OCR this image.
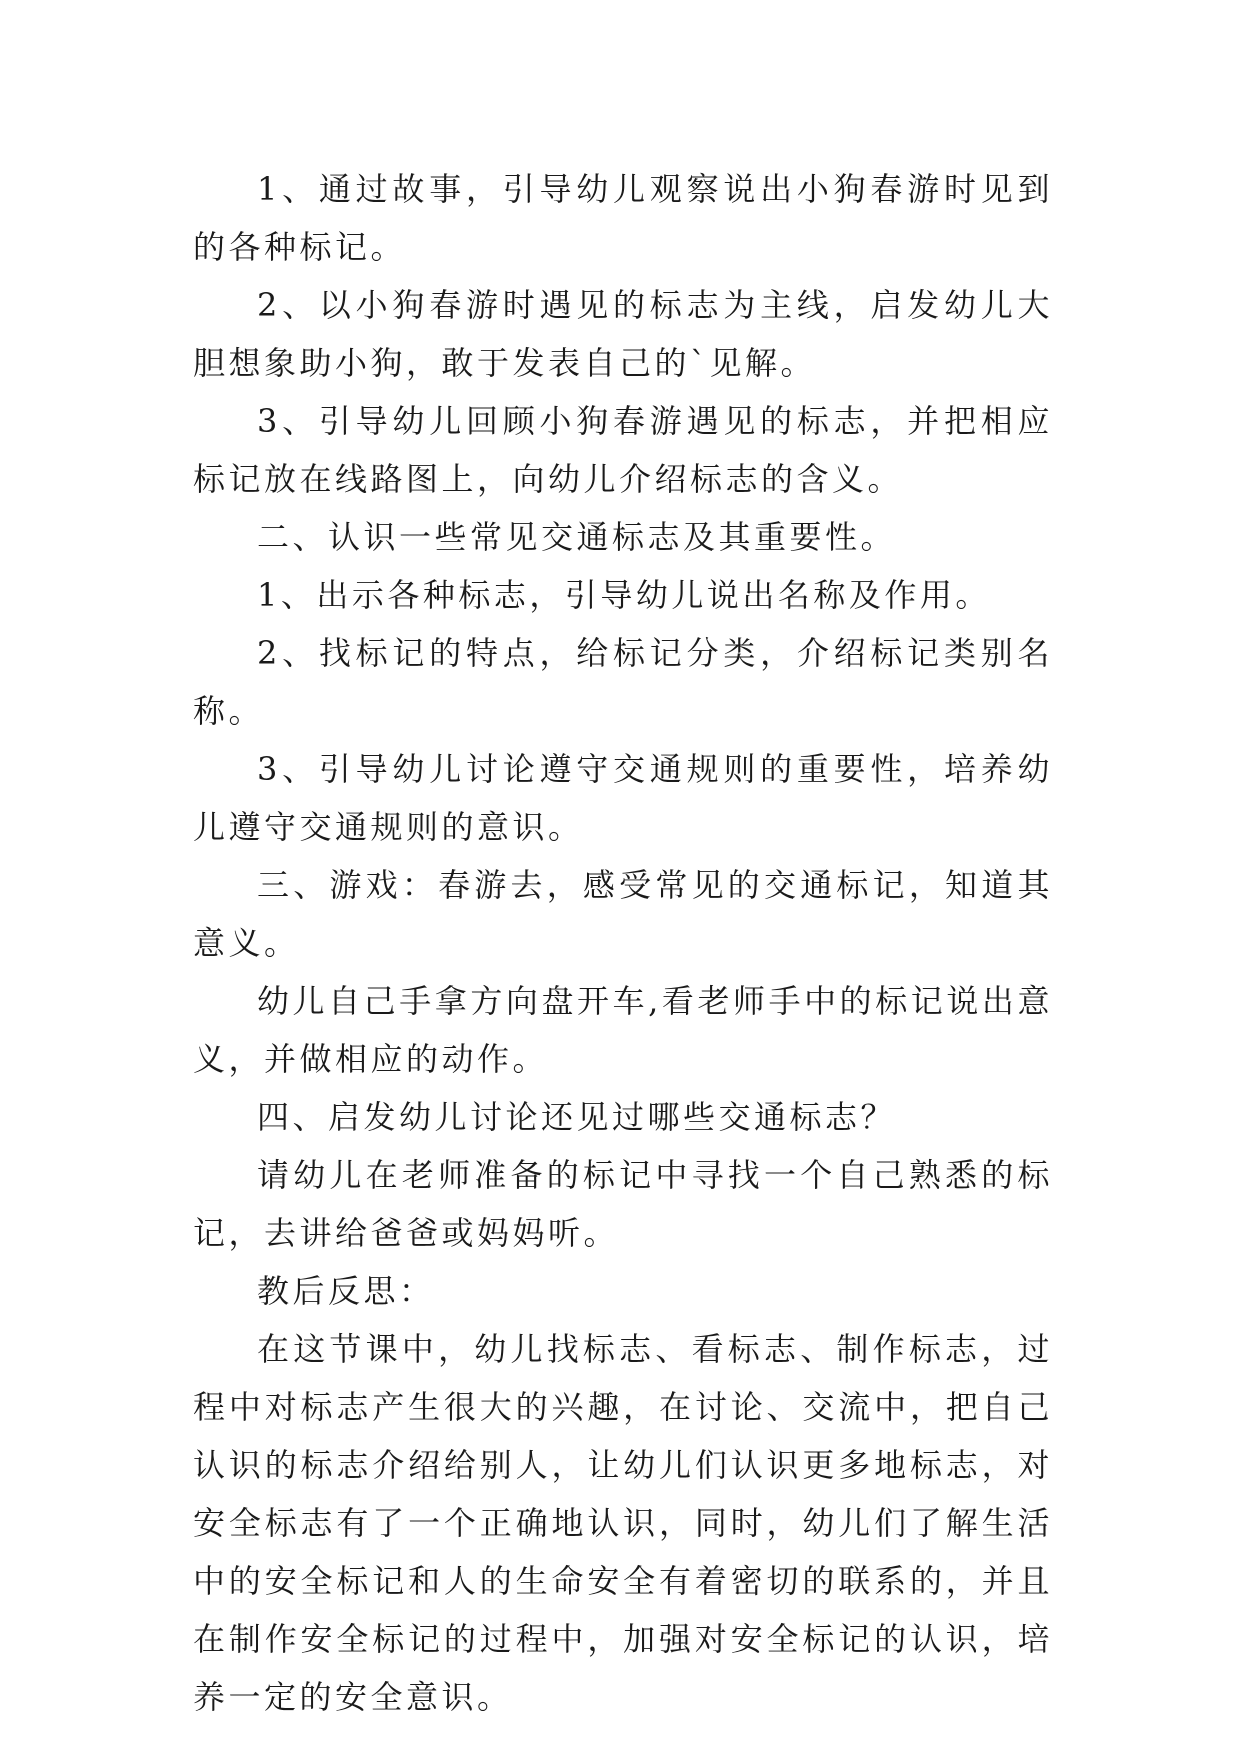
1、通过故事，引导幼儿观察说出小狗春游时见到的各种标记。

2、以小狗春游时遇见的标志为主线，启发幼儿大胆想象助小狗，敢于发表自己的`见解。

3、引导幼儿回顾小狗春游遇见的标志，并把相应标记放在线路图上，向幼儿介绍标志的含义。

二、认识一些常见交通标志及其重要性。

1、出示各种标志，引导幼儿说出名称及作用。

2、找标记的特点，给标记分类，介绍标记类别名称。

3、引导幼儿讨论遵守交通规则的重要性，培养幼儿遵守交通规则的意识。

三、游戏：春游去，感受常见的交通标记，知道其意义。

幼儿自己手拿方向盘开车,看老师手中的标记说出意义，并做相应的动作。

四、启发幼儿讨论还见过哪些交通标志？

请幼儿在老师准备的标记中寻找一个自己熟悉的标记，去讲给爸爸或妈妈听。

教后反思：

在这节课中，幼儿找标志、看标志、制作标志，过程中对标志产生很大的兴趣，在讨论、交流中，把自己认识的标志介绍给别人，让幼儿们认识更多地标志，对安全标志有了一个正确地认识，同时，幼儿们了解生活中的安全标记和人的生命安全有着密切的联系的，并且在制作安全标记的过程中，加强对安全标记的认识，培养一定的安全意识。
